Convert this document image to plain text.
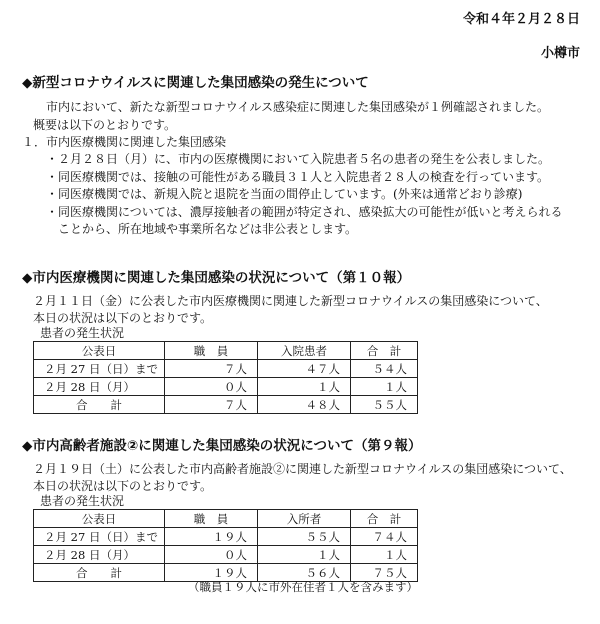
令和４年２月２８日
小樽市
◆新型コロナウイルスに関連した集団感染の発生について
市内において、新たな新型コロナウイルス感染症に関連した集団感染が１例確認されました。
概要は以下のとおりです。
１．市内医療機関に関連した集団感染
・２月２８日（月）に、市内の医療機関において入院患者５名の患者の発生を公表しました。
・同医療機関では、接触の可能性がある職員３１人と入院患者２８人の検査を行っています。
・同医療機関では、新規入院と退院を当面の間停止しています。(外来は通常どおり診療)
・同医療機関については、濃厚接触者の範囲が特定され、感染拡大の可能性が低いと考えられる
　ことから、所在地域や事業所名などは非公表とします。
◆市内医療機関に関連した集団感染の状況について（第１０報）
２月１１日（金）に公表した市内医療機関に関連した新型コロナウイルスの集団感染について、
本日の状況は以下のとおりです。
患者の発生状況
公表日	職　員	入院患者	合　計
２月 27 日（日）まで	７人	４７人	５４人
２月 28 日（月）	０人	１人	１人
合　　計	７人	４８人	５５人
◆市内高齢者施設②に関連した集団感染の状況について（第９報）
２月１９日（土）に公表した市内高齢者施設②に関連した新型コロナウイルスの集団感染について、
本日の状況は以下のとおりです。
患者の発生状況
公表日	職　員	入所者	合　計
２月 27 日（日）まで	１９人	５５人	７４人
２月 28 日（月）	０人	１人	１人
合　　計	１９人	５６人	７５人
（職員１９人に市外在住者１人を含みます）
